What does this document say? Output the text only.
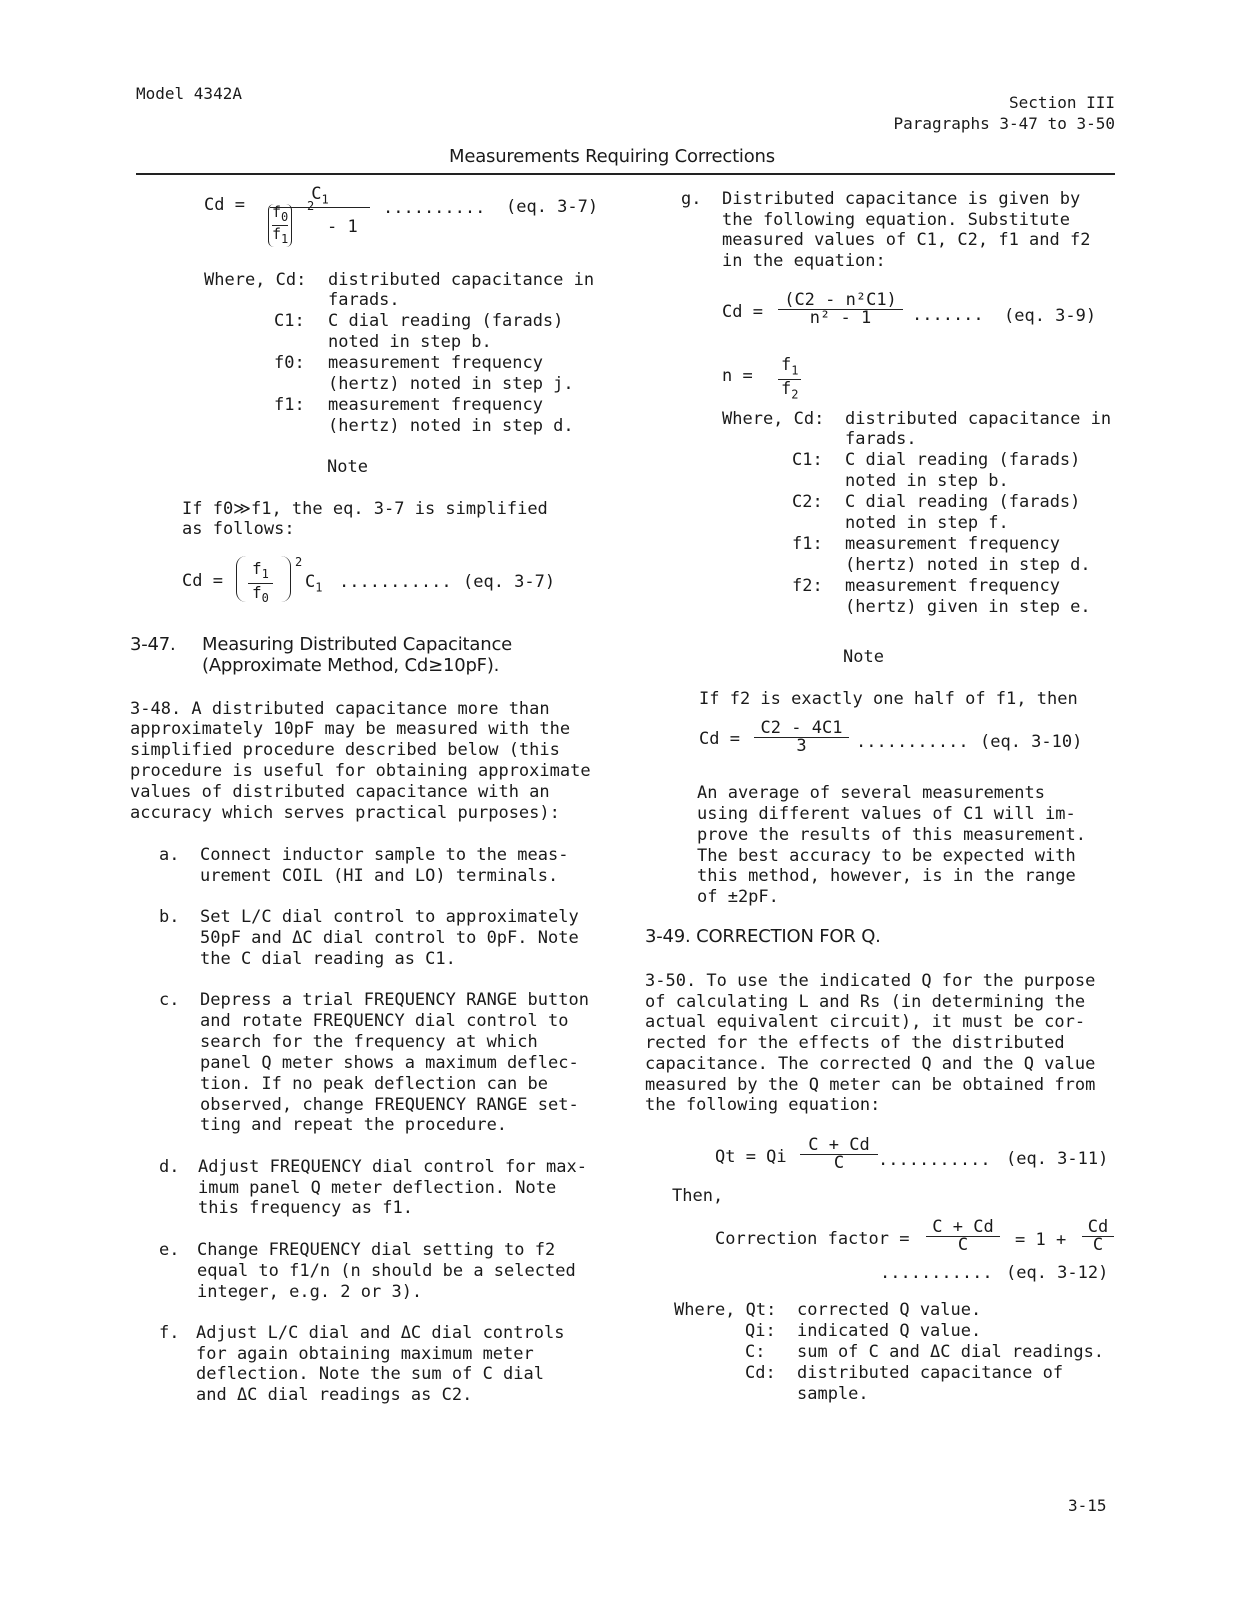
Model 4342A	Section III
Paragraphs 3-47 to 3-50
Measurements Requiring Corrections
Cd =
$C_1$
$f_0$
$f_1$
2
- 1
.......... (eq. 3-7)
Where, Cd: distributed capacitance in
farads.
C1: C dial reading (farads)
noted in step b.
f0: measurement frequency
(hertz) noted in step j.
f1: measurement frequency
(hertz) noted in step d.
Note
If f0≫f1, the eq. 3-7 is simplified
as follows:
Cd =
$f_1$
$f_0$
2
$C_1$ ........... (eq. 3-7)
3-47. Measuring Distributed Capacitance
(Approximate Method, Cd≥10pF).
3-48. A distributed capacitance more than
approximately 10pF may be measured with the
simplified procedure described below (this
procedure is useful for obtaining approximate
values of distributed capacitance with an
accuracy which serves practical purposes):
a. Connect inductor sample to the meas-
urement COIL (HI and LO) terminals.
b. Set L/C dial control to approximately
50pF and ΔC dial control to 0pF. Note
the C dial reading as C1.
c. Depress a trial FREQUENCY RANGE button
and rotate FREQUENCY dial control to
search for the frequency at which
panel Q meter shows a maximum deflec-
tion. If no peak deflection can be
observed, change FREQUENCY RANGE set-
ting and repeat the procedure.
d. Adjust FREQUENCY dial control for max-
imum panel Q meter deflection. Note
this frequency as f1.
e. Change FREQUENCY dial setting to f2
equal to f1/n (n should be a selected
integer, e.g. 2 or 3).
f. Adjust L/C dial and ΔC dial controls
for again obtaining maximum meter
deflection. Note the sum of C dial
and ΔC dial readings as C2.
g. Distributed capacitance is given by
the following equation. Substitute
measured values of C1, C2, f1 and f2
in the equation:
$Cd = \frac{\text{(C2 - n²C1)}}{\text{n² - 1}}$ ....... (eq. 3-9)
n =
$f_1$
$f_2$
Where, Cd: distributed capacitance in
farads.
C1: C dial reading (farads)
noted in step b.
C2: C dial reading (farads)
noted in step f.
f1: measurement frequency
(hertz) noted in step d.
f2: measurement frequency
(hertz) given in step e.
Note
If f2 is exactly one half of f1, then
$Cd = \frac{C2 - 4C1}{3}$ ........... (eq. 3-10)
An average of several measurements
using different values of C1 will im-
prove the results of this measurement.
The best accuracy to be expected with
this method, however, is in the range
of ±2pF.
3-49. CORRECTION FOR Q.
3-50. To use the indicated Q for the purpose
of calculating L and Rs (in determining the
actual equivalent circuit), it must be cor-
rected for the effects of the distributed
capacitance. The corrected Q and the Q value
measured by the Q meter can be obtained from
the following equation:
Qt = Qi $\frac{C + Cd}{C}$ ........... (eq. 3-11)
Then,
Correction factor = $\frac{C + Cd}{C} = 1 + \frac{Cd}{C}$
........... (eq. 3-12)
Where, Qt: corrected Q value.
Qi: indicated Q value.
C: sum of C and ΔC dial readings.
Cd: distributed capacitance of
sample.
3-15
